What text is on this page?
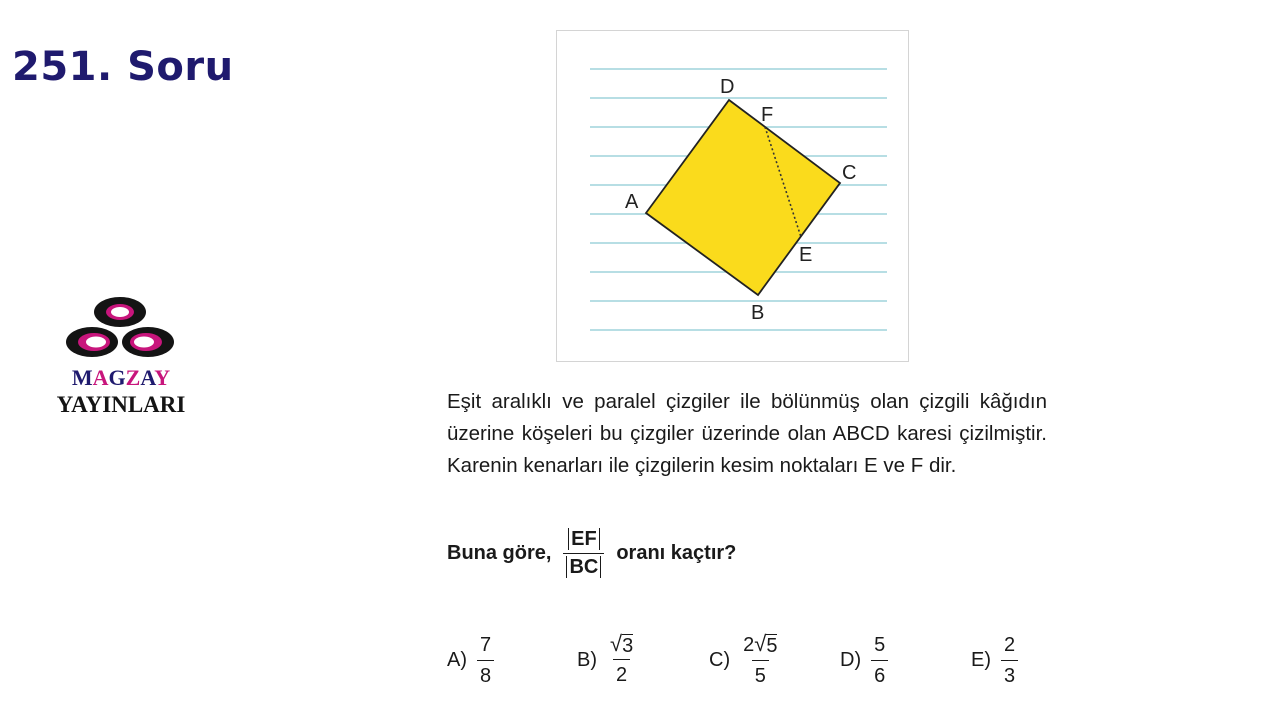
251. Soru
MAGZAY
YAYINLARI
D
F
C
A
E
B
Eşit aralıklı ve paralel çizgiler ile bölünmüş olan çizgili kâğıdın üzerine köşeleri bu çizgiler üzerinde olan ABCD karesi çizilmiştir. Karenin kenarları ile çizgilerin kesim noktaları E ve F dir.
Buna göre, $\frac{EF}{BC}$ oranı kaçtır?
$A) \frac{7}{8}$	$B) \frac{√ 3}{2}$	$C) \frac{2 √ 5}{5}$	$D) \frac{5}{6}$	$E) \frac{2}{3}$
